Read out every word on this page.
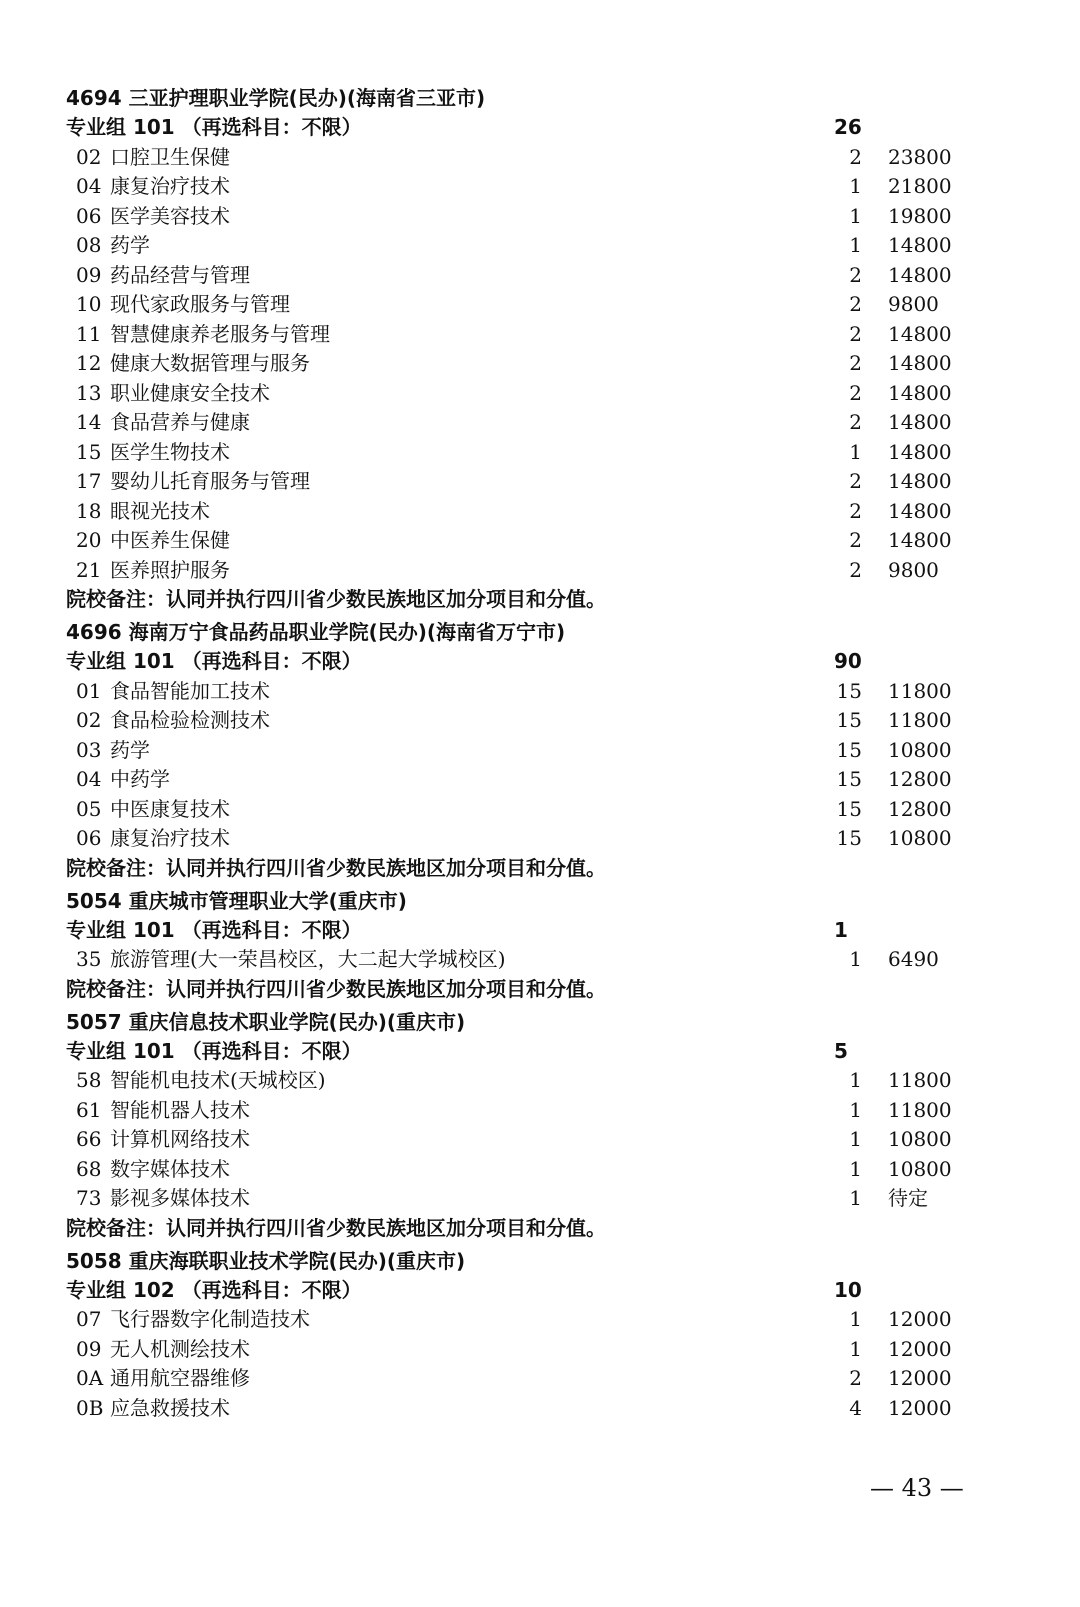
4694 三亚护理职业学院(民办)(海南省三亚市)
专业组 101 （再选科目：不限）	26
02 口腔卫生保健	2 23800
04 康复治疗技术	1 21800
06 医学美容技术	1 19800
08 药学	1 14800
09 药品经营与管理	2 14800
10 现代家政服务与管理	2 9800
11 智慧健康养老服务与管理	2 14800
12 健康大数据管理与服务	2 14800
13 职业健康安全技术	2 14800
14 食品营养与健康	2 14800
15 医学生物技术	1 14800
17 婴幼儿托育服务与管理	2 14800
18 眼视光技术	2 14800
20 中医养生保健	2 14800
21 医养照护服务	2 9800
院校备注：认同并执行四川省少数民族地区加分项目和分值。
4696 海南万宁食品药品职业学院(民办)(海南省万宁市)
专业组 101 （再选科目：不限）	90
01 食品智能加工技术	15 11800
02 食品检验检测技术	15 11800
03 药学	15 10800
04 中药学	15 12800
05 中医康复技术	15 12800
06 康复治疗技术	15 10800
院校备注：认同并执行四川省少数民族地区加分项目和分值。
5054 重庆城市管理职业大学(重庆市)
专业组 101 （再选科目：不限）	1
35 旅游管理(大一荣昌校区，大二起大学城校区)	1 6490
院校备注：认同并执行四川省少数民族地区加分项目和分值。
5057 重庆信息技术职业学院(民办)(重庆市)
专业组 101 （再选科目：不限）	5
58 智能机电技术(天城校区)	1 11800
61 智能机器人技术	1 11800
66 计算机网络技术	1 10800
68 数字媒体技术	1 10800
73 影视多媒体技术	1 待定
院校备注：认同并执行四川省少数民族地区加分项目和分值。
5058 重庆海联职业技术学院(民办)(重庆市)
专业组 102 （再选科目：不限）	10
07 飞行器数字化制造技术	1 12000
09 无人机测绘技术	1 12000
0A 通用航空器维修	2 12000
0B 应急救援技术	4 12000
— 43 —
